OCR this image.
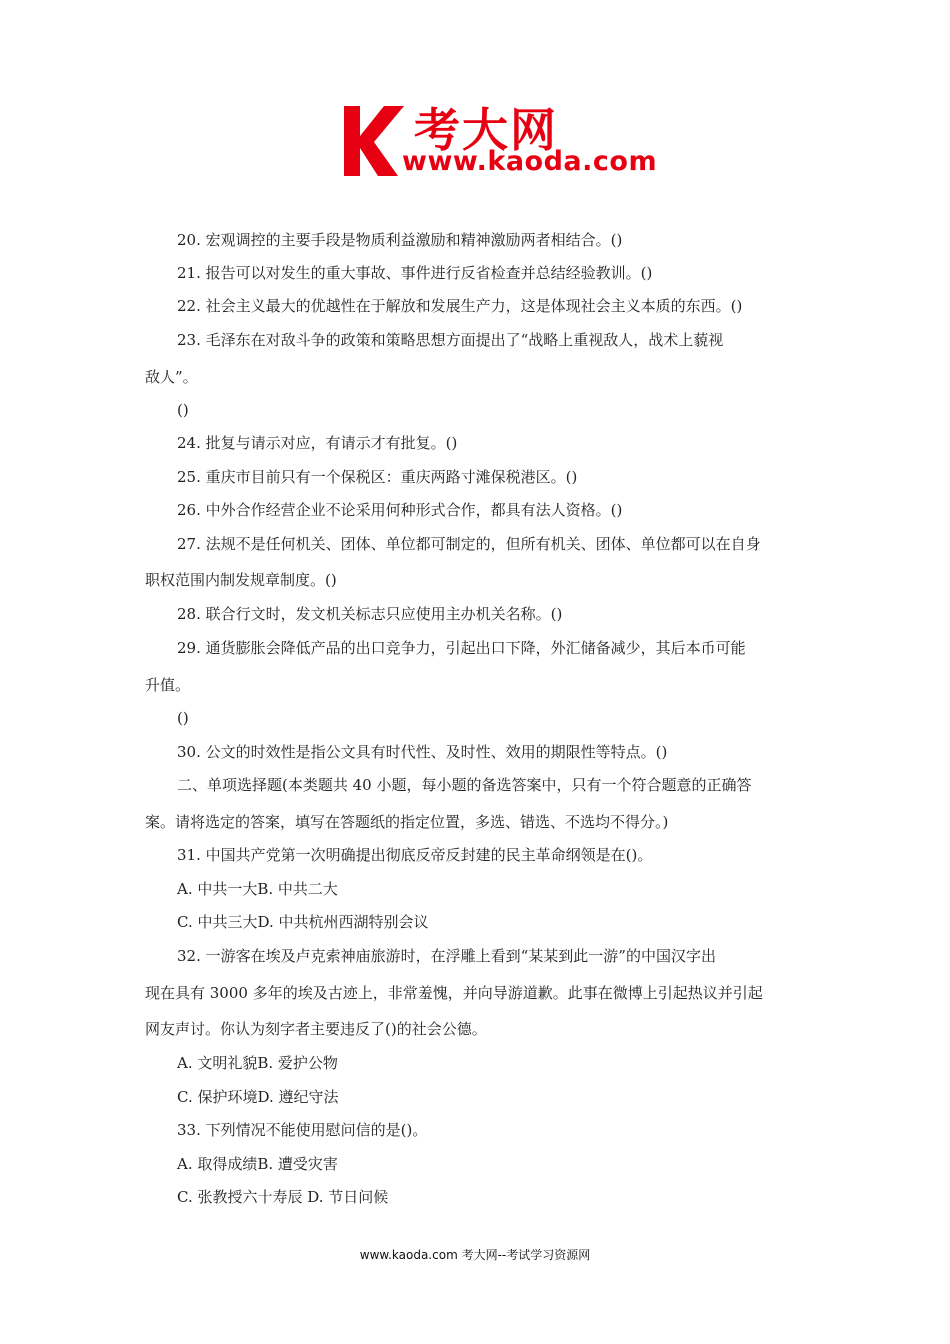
考大网
www.kaoda.com
20. 宏观调控的主要手段是物质利益激励和精神激励两者相结合。()
21. 报告可以对发生的重大事故、事件进行反省检查并总结经验教训。()
22. 社会主义最大的优越性在于解放和发展生产力，这是体现社会主义本质的东西。()
23. 毛泽东在对敌斗争的政策和策略思想方面提出了“战略上重视敌人，战术上藐视
敌人”。
()
24. 批复与请示对应，有请示才有批复。()
25. 重庆市目前只有一个保税区：重庆两路寸滩保税港区。()
26. 中外合作经营企业不论采用何种形式合作，都具有法人资格。()
27. 法规不是任何机关、团体、单位都可制定的，但所有机关、团体、单位都可以在自身
职权范围内制发规章制度。()
28. 联合行文时，发文机关标志只应使用主办机关名称。()
29. 通货膨胀会降低产品的出口竞争力，引起出口下降，外汇储备减少，其后本币可能
升值。
()
30. 公文的时效性是指公文具有时代性、及时性、效用的期限性等特点。()
二、单项选择题(本类题共 40 小题，每小题的备选答案中，只有一个符合题意的正确答
案。请将选定的答案，填写在答题纸的指定位置，多选、错选、不选均不得分。)
31. 中国共产党第一次明确提出彻底反帝反封建的民主革命纲领是在()。
A. 中共一大B. 中共二大
C. 中共三大D. 中共杭州西湖特别会议
32. 一游客在埃及卢克索神庙旅游时，在浮雕上看到“某某到此一游”的中国汉字出
现在具有 3000 多年的埃及古迹上，非常羞愧，并向导游道歉。此事在微博上引起热议并引起
网友声讨。你认为刻字者主要违反了()的社会公德。
A. 文明礼貌B. 爱护公物
C. 保护环境D. 遵纪守法
33. 下列情况不能使用慰问信的是()。
A. 取得成绩B. 遭受灾害
C. 张教授六十寿辰 D. 节日问候
www.kaoda.com 考大网--考试学习资源网
